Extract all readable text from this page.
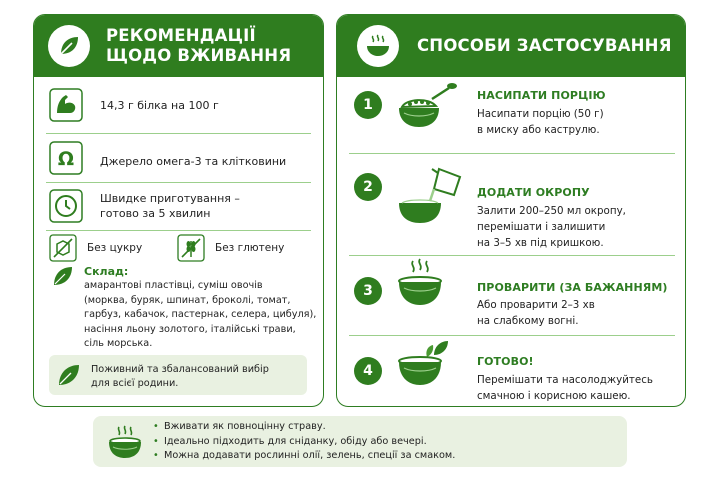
РЕКОМЕНДАЦІЇ
ЩОДО ВЖИВАННЯ
14,3 г білка на 100 г
Ω Джерело омега-3 та клітковини
Швидке приготування –
готово за 5 хвилин
Без цукру	Без глютену
Склад:
амарантові пластівці, суміш овочів
(морква, буряк, шпинат, броколі, томат,
гарбуз, кабачок, пастернак, селера, цибуля),
насіння льону золотого, італійські трави,
сіль морська.
Поживний та збалансований вибір
для всієї родини.
СПОСОБИ ЗАСТОСУВАННЯ
1
НАСИПАТИ ПОРЦІЮ
Насипати порцію (50 г)
в миску або каструлю.
2	ДОДАТИ ОКРОПУ
Залити 200–250 мл окропу,
перемішати і залишити
на 3–5 хв під кришкою.
3	ПРОВАРИТИ (ЗА БАЖАННЯМ)
Або проварити 2–3 хв
на слабкому вогні.
4
ГОТОВО!
Перемішати та насолоджуйтесь
смачною і корисною кашею.
• Вживати як повноцінну страву.
• Ідеально підходить для сніданку, обіду або вечері.
• Можна додавати рослинні олії, зелень, спеції за смаком.
